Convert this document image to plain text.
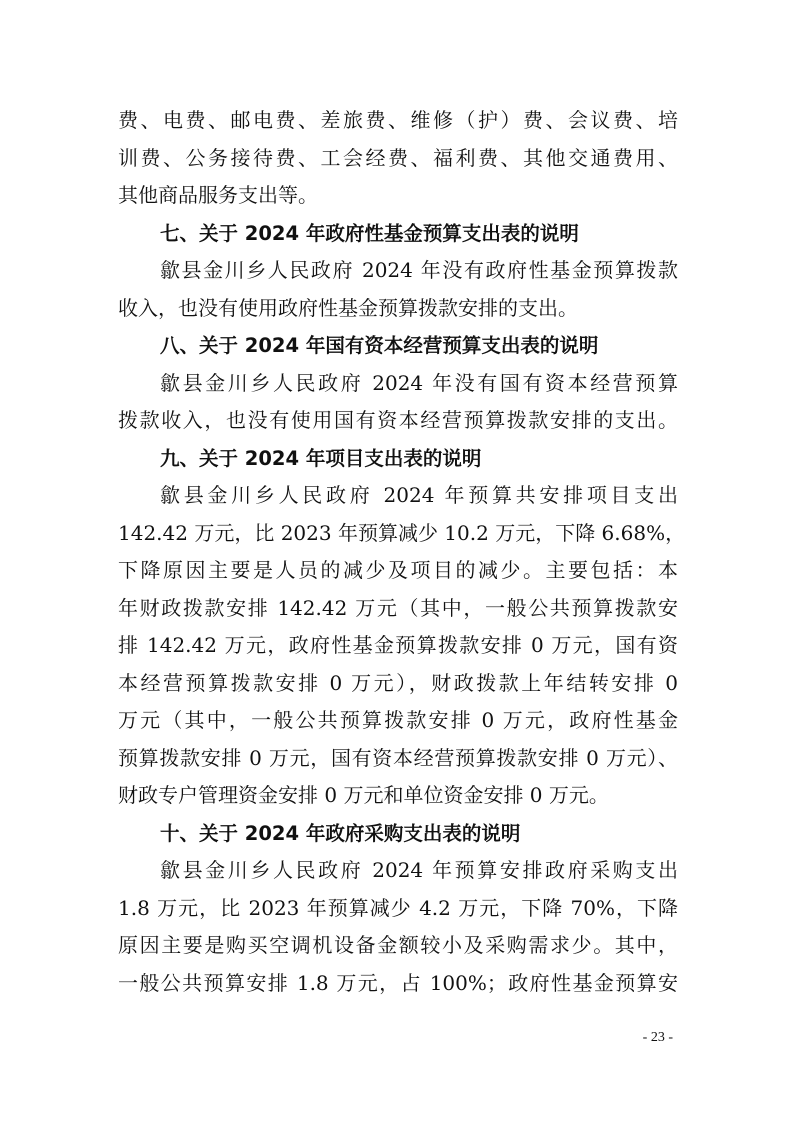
费、电费、邮电费、差旅费、维修（护）费、会议费、培
训费、公务接待费、工会经费、福利费、其他交通费用、
其他商品服务支出等。
七、关于 2024 年政府性基金预算支出表的说明
歙县金川乡人民政府 2024 年没有政府性基金预算拨款
收入，也没有使用政府性基金预算拨款安排的支出。
八、关于 2024 年国有资本经营预算支出表的说明
歙县金川乡人民政府 2024 年没有国有资本经营预算
拨款收入，也没有使用国有资本经营预算拨款安排的支出。
九、关于 2024 年项目支出表的说明
歙县金川乡人民政府 2024 年预算共安排项目支出
142.42 万元，比 2023 年预算减少 10.2 万元，下降 6.68%，
下降原因主要是人员的减少及项目的减少。主要包括：本
年财政拨款安排 142.42 万元（其中，一般公共预算拨款安
排 142.42 万元，政府性基金预算拨款安排 0 万元，国有资
本经营预算拨款安排 0 万元），财政拨款上年结转安排 0
万元（其中，一般公共预算拨款安排 0 万元，政府性基金
预算拨款安排 0 万元，国有资本经营预算拨款安排 0 万元）、
财政专户管理资金安排 0 万元和单位资金安排 0 万元。
十、关于 2024 年政府采购支出表的说明
歙县金川乡人民政府 2024 年预算安排政府采购支出
1.8 万元，比 2023 年预算减少 4.2 万元，下降 70%，下降
原因主要是购买空调机设备金额较小及采购需求少。其中，
一般公共预算安排 1.8 万元，占 100%；政府性基金预算安
- 23 -
